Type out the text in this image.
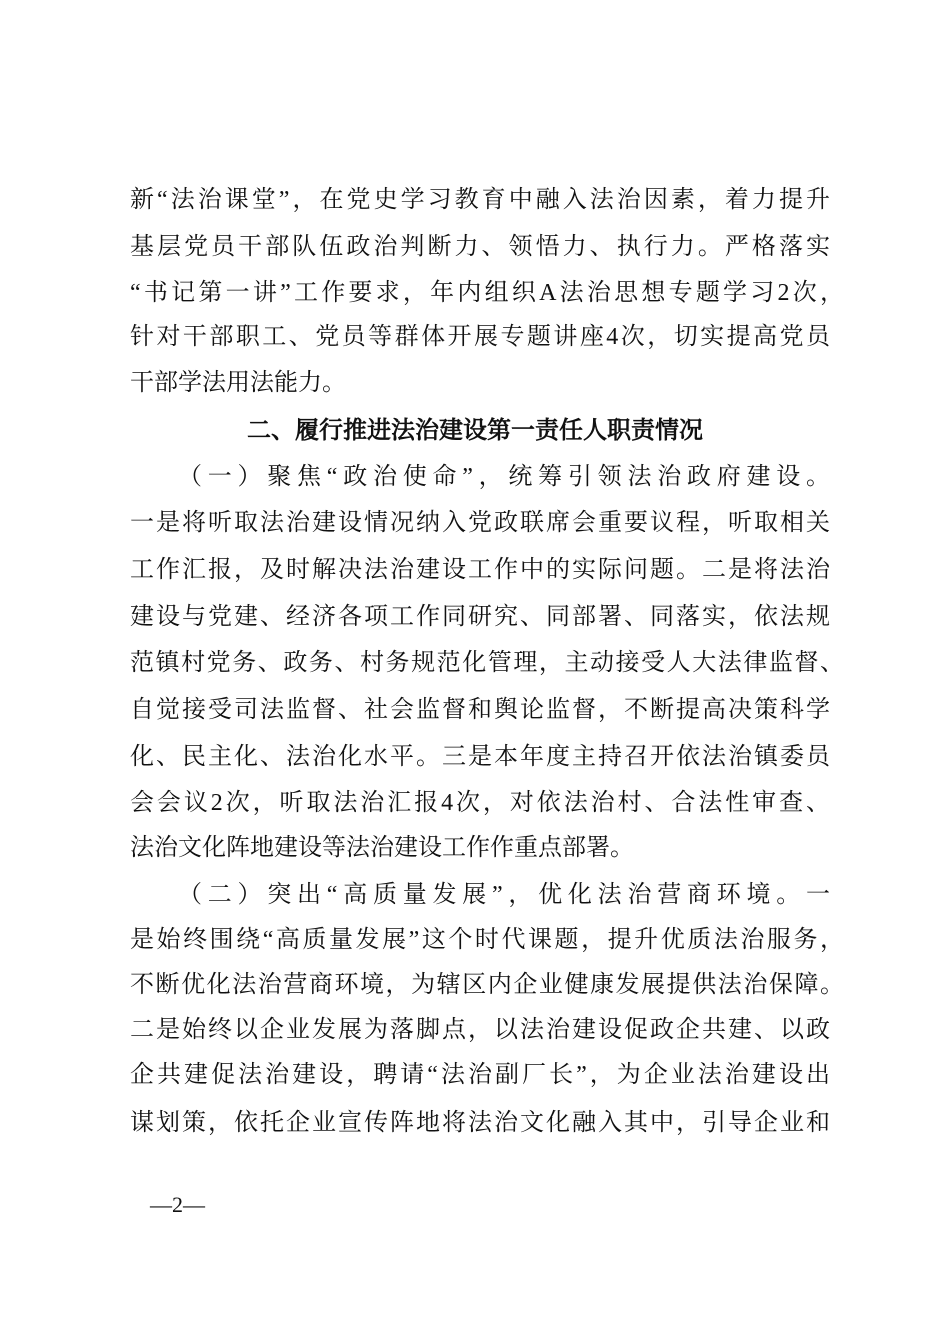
新“法治课堂”，在党史学习教育中融入法治因素，着力提升
基层党员干部队伍政治判断力、领悟力、执行力。严格落实
“书记第一讲”工作要求，年内组织A法治思想专题学习2次，
针对干部职工、党员等群体开展专题讲座4次，切实提高党员
干部学法用法能力。
二、履行推进法治建设第一责任人职责情况
（一）聚焦“政治使命”，统筹引领法治政府建设。
一是将听取法治建设情况纳入党政联席会重要议程，听取相关
工作汇报，及时解决法治建设工作中的实际问题。二是将法治
建设与党建、经济各项工作同研究、同部署、同落实，依法规
范镇村党务、政务、村务规范化管理，主动接受人大法律监督、
自觉接受司法监督、社会监督和舆论监督，不断提高决策科学
化、民主化、法治化水平。三是本年度主持召开依法治镇委员
会会议2次，听取法治汇报4次，对依法治村、合法性审查、
法治文化阵地建设等法治建设工作作重点部署。
（二）突出“高质量发展”，优化法治营商环境。一
是始终围绕“高质量发展”这个时代课题，提升优质法治服务，
不断优化法治营商环境，为辖区内企业健康发展提供法治保障。
二是始终以企业发展为落脚点，以法治建设促政企共建、以政
企共建促法治建设，聘请“法治副厂长”，为企业法治建设出
谋划策，依托企业宣传阵地将法治文化融入其中，引导企业和
—2—
